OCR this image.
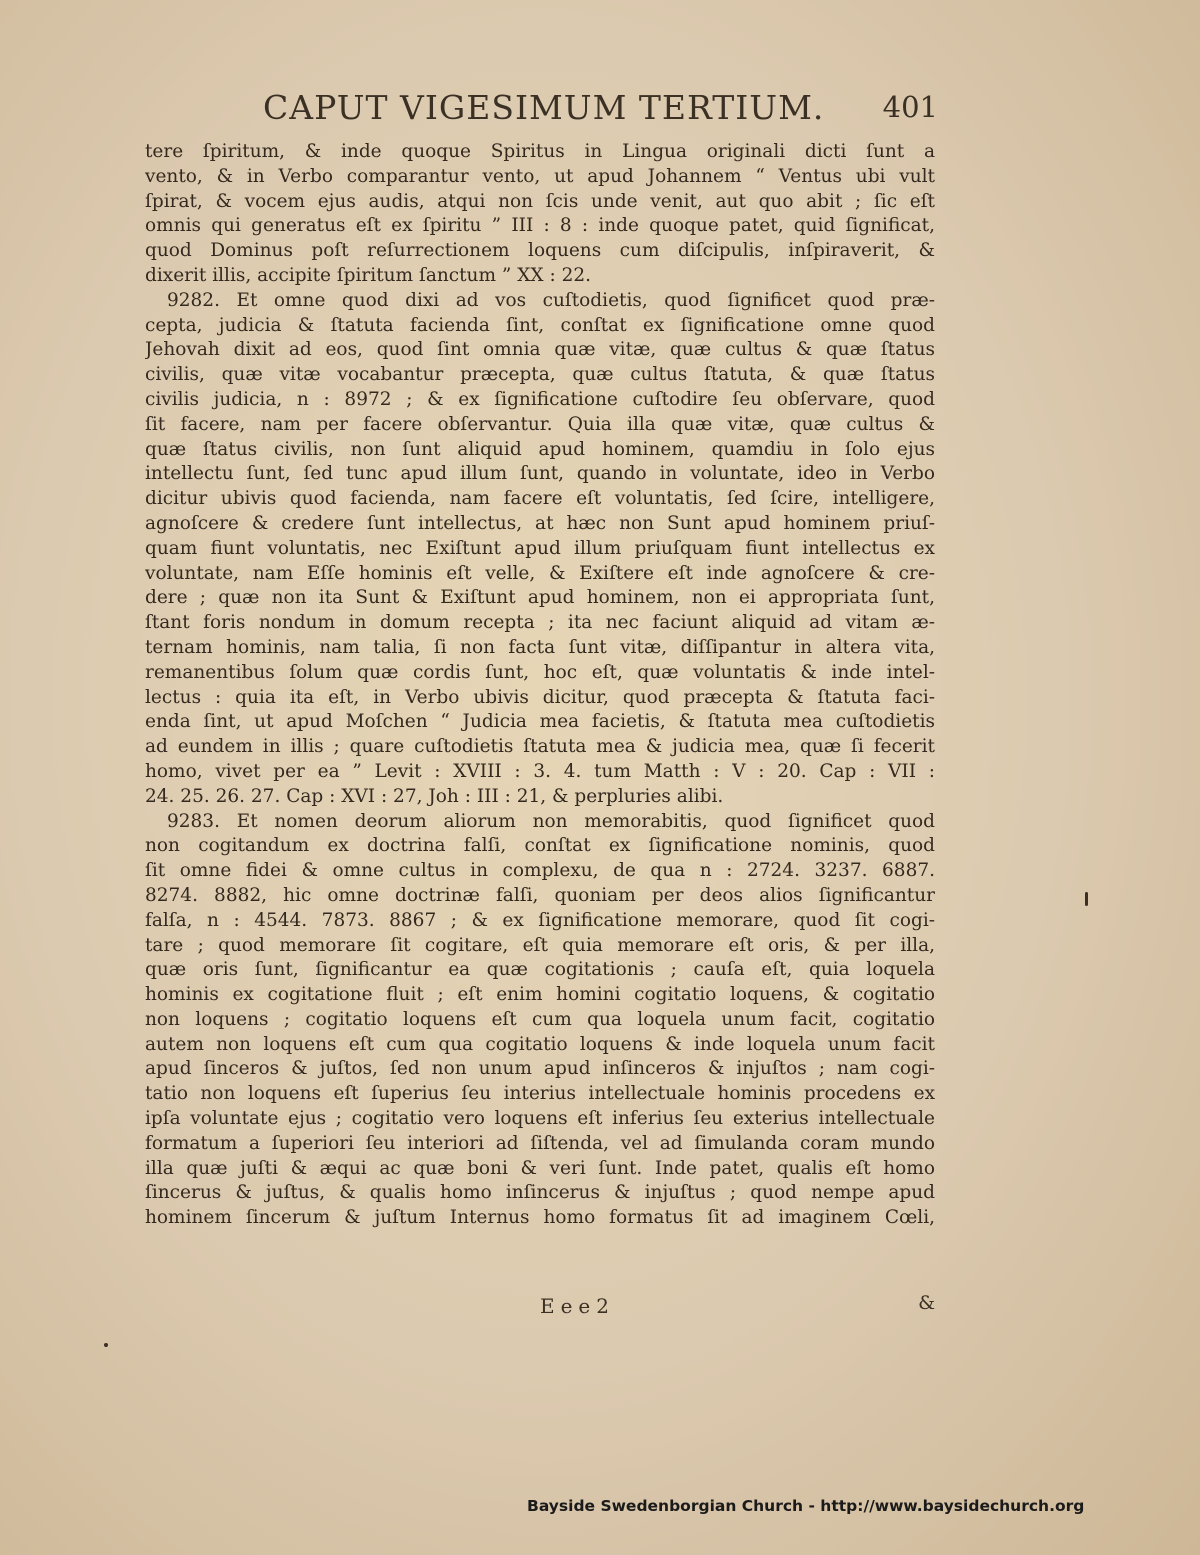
CAPUT VIGESIMUM TERTIUM. 401
tere ſpiritum, & inde quoque Spiritus in Lingua originali dicti ſunt a
vento, & in Verbo comparantur vento, ut apud Johannem “ Ventus ubi vult
ſpirat, & vocem ejus audis, atqui non ſcis unde venit, aut quo abit ; ſic eſt
omnis qui generatus eſt ex ſpiritu ” III : 8 : inde quoque patet, quid ſignificat,
quod Dominus poſt reſurrectionem loquens cum diſcipulis, inſpiraverit, &
dixerit illis, accipite ſpiritum ſanctum ” XX : 22.
9282. Et omne quod dixi ad vos cuſtodietis, quod ſignificet quod præ-
cepta, judicia & ſtatuta facienda ſint, conſtat ex ſignificatione omne quod
Jehovah dixit ad eos, quod ſint omnia quæ vitæ, quæ cultus & quæ ſtatus
civilis, quæ vitæ vocabantur præcepta, quæ cultus ſtatuta, & quæ ſtatus
civilis judicia, n : 8972 ; & ex ſignificatione cuſtodire ſeu obſervare, quod
ſit facere, nam per facere obſervantur. Quia illa quæ vitæ, quæ cultus &
quæ ſtatus civilis, non ſunt aliquid apud hominem, quamdiu in ſolo ejus
intellectu ſunt, ſed tunc apud illum ſunt, quando in voluntate, ideo in Verbo
dicitur ubivis quod facienda, nam facere eſt voluntatis, ſed ſcire, intelligere,
agnoſcere & credere ſunt intellectus, at hæc non Sunt apud hominem priuſ-
quam fiunt voluntatis, nec Exiſtunt apud illum priuſquam fiunt intellectus ex
voluntate, nam Eſſe hominis eſt velle, & Exiſtere eſt inde agnoſcere & cre-
dere ; quæ non ita Sunt & Exiſtunt apud hominem, non ei appropriata ſunt,
ſtant foris nondum in domum recepta ; ita nec faciunt aliquid ad vitam æ-
ternam hominis, nam talia, ſi non facta ſunt vitæ, diſſipantur in altera vita,
remanentibus ſolum quæ cordis ſunt, hoc eſt, quæ voluntatis & inde intel-
lectus : quia ita eſt, in Verbo ubivis dicitur, quod præcepta & ſtatuta faci-
enda ſint, ut apud Moſchen “ Judicia mea facietis, & ſtatuta mea cuſtodietis
ad eundem in illis ; quare cuſtodietis ſtatuta mea & judicia mea, quæ ſi fecerit
homo, vivet per ea ” Levit : XVIII : 3. 4. tum Matth : V : 20. Cap : VII :
24. 25. 26. 27. Cap : XVI : 27, Joh : III : 21, & perpluries alibi.
9283. Et nomen deorum aliorum non memorabitis, quod ſignificet quod
non cogitandum ex doctrina falſi, conſtat ex ſignificatione nominis, quod
ſit omne fidei & omne cultus in complexu, de qua n : 2724. 3237. 6887.
8274. 8882, hic omne doctrinæ falſi, quoniam per deos alios ſignificantur
falſa, n : 4544. 7873. 8867 ; & ex ſignificatione memorare, quod ſit cogi-
tare ; quod memorare ſit cogitare, eſt quia memorare eſt oris, & per illa,
quæ oris ſunt, ſignificantur ea quæ cogitationis ; cauſa eſt, quia loquela
hominis ex cogitatione fluit ; eſt enim homini cogitatio loquens, & cogitatio
non loquens ; cogitatio loquens eſt cum qua loquela unum facit, cogitatio
autem non loquens eſt cum qua cogitatio loquens & inde loquela unum facit
apud ſinceros & juſtos, ſed non unum apud inſinceros & injuſtos ; nam cogi-
tatio non loquens eſt ſuperius ſeu interius intellectuale hominis procedens ex
ipſa voluntate ejus ; cogitatio vero loquens eſt inferius ſeu exterius intellectuale
formatum a ſuperiori ſeu interiori ad ſiſtenda, vel ad ſimulanda coram mundo
illa quæ juſti & æqui ac quæ boni & veri ſunt. Inde patet, qualis eſt homo
ſincerus & juſtus, & qualis homo inſincerus & injuſtus ; quod nempe apud
hominem ſincerum & juſtum Internus homo formatus ſit ad imaginem Cœli,
Eee2	&
Bayside Swedenborgian Church - http://www.baysidechurch.org
